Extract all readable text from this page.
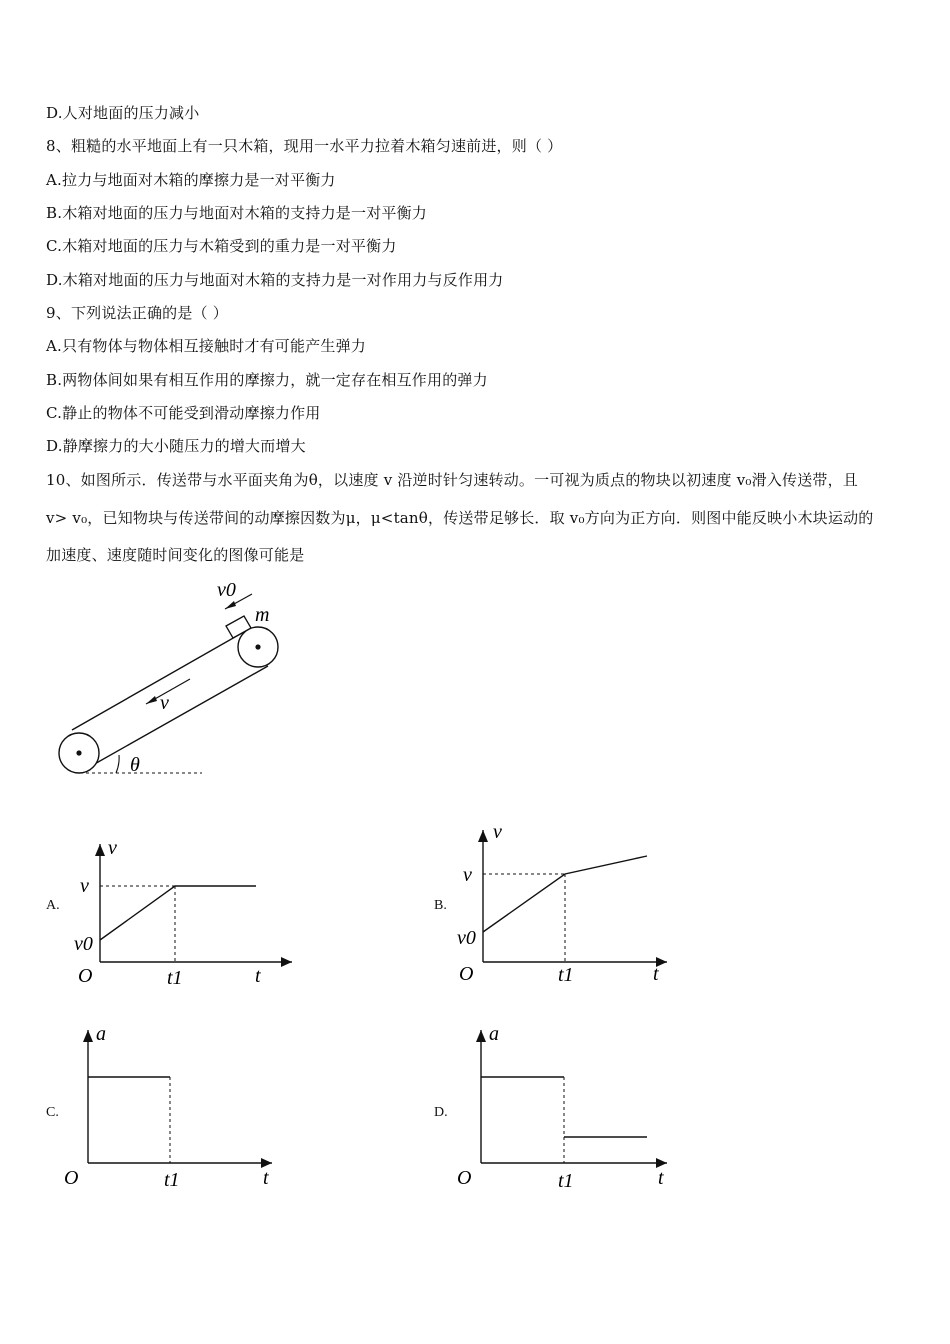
D.人对地面的压力减小
8、粗糙的水平地面上有一只木箱，现用一水平力拉着木箱匀速前进，则（ ）
A.拉力与地面对木箱的摩擦力是一对平衡力
B.木箱对地面的压力与地面对木箱的支持力是一对平衡力
C.木箱对地面的压力与木箱受到的重力是一对平衡力
D.木箱对地面的压力与地面对木箱的支持力是一对作用力与反作用力
9、下列说法正确的是（ ）
A.只有物体与物体相互接触时才有可能产生弹力
B.两物体间如果有相互作用的摩擦力，就一定存在相互作用的弹力
C.静止的物体不可能受到滑动摩擦力作用
D.静摩擦力的大小随压力的增大而增大
10、如图所示．传送带与水平面夹角为θ，以速度 v 沿逆时针匀速转动。一可视为质点的物块以初速度 v₀滑入传送带，且
v> v₀，已知物块与传送带间的动摩擦因数为μ，μ<tanθ，传送带足够长．取 v₀方向为正方向．则图中能反映小木块运动的
加速度、速度随时间变化的图像可能是
v0
m
v
θ
A.
v
t
O
v
v0
t1
B.
v
t
O
v
v0
t1
C.
a
t
O	t1
D.
a
t
O	t1
